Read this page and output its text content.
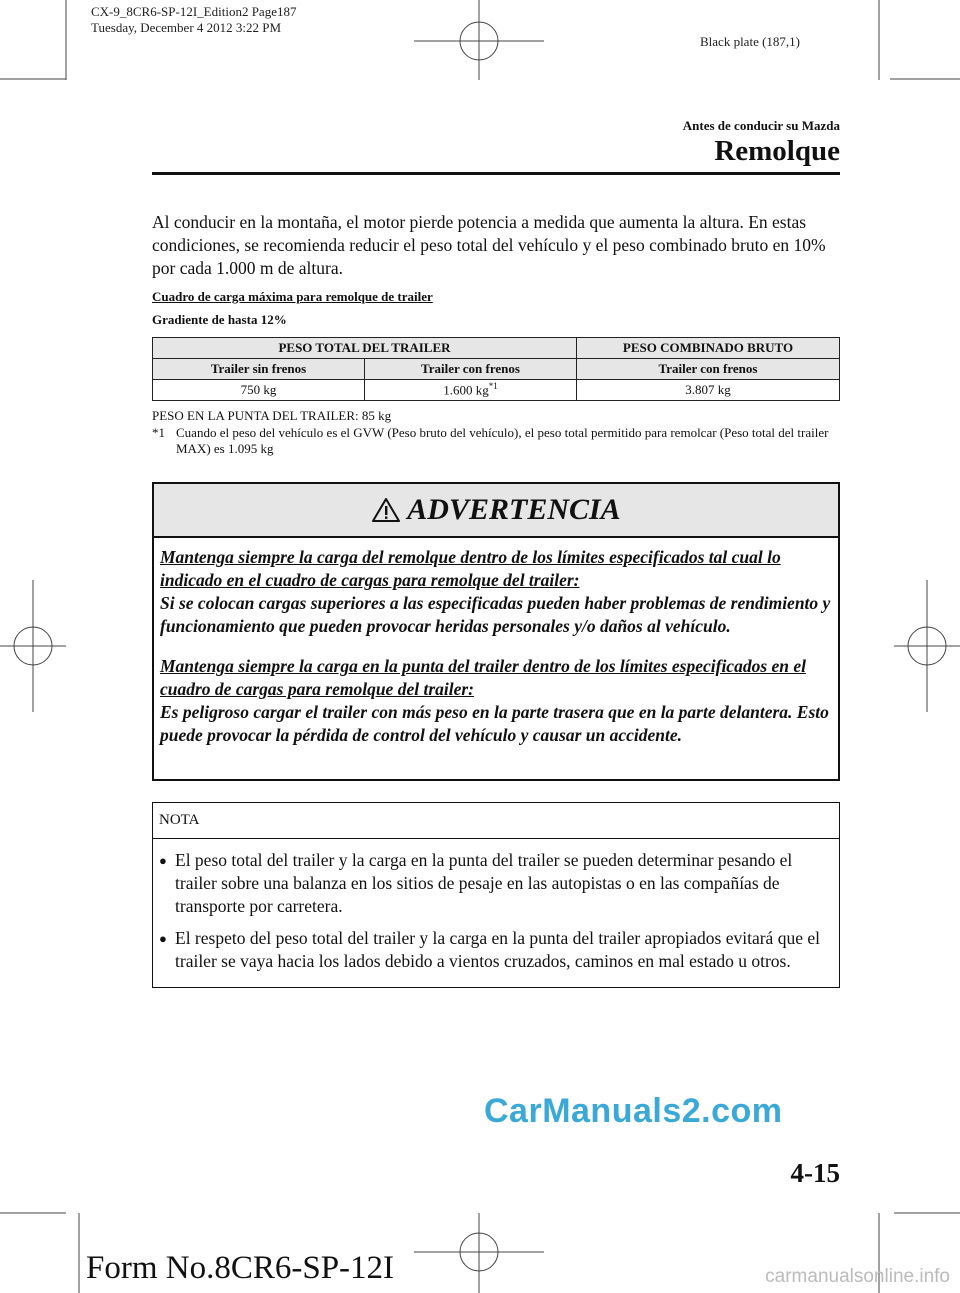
CX-9_8CR6-SP-12I_Edition2 Page187
Tuesday, December 4 2012 3:22 PM
Black plate (187,1)
Antes de conducir su Mazda
Remolque
Al conducir en la montaña, el motor pierde potencia a medida que aumenta la altura. En estas condiciones, se recomienda reducir el peso total del vehículo y el peso combinado bruto en 10% por cada 1.000 m de altura.
Cuadro de carga máxima para remolque de trailer
Gradiente de hasta 12%
PESO TOTAL DEL TRAILER		PESO COMBINADO BRUTO
Trailer sin frenos	Trailer con frenos	Trailer con frenos
750 kg	1.600 $kg^{*1}$	3.807 kg
PESO EN LA PUNTA DEL TRAILER: 85 kg
*1 Cuando el peso del vehículo es el GVW (Peso bruto del vehículo), el peso total permitido para remolcar (Peso total del trailer MAX) es 1.095 kg
ADVERTENCIA
Mantenga siempre la carga del remolque dentro de los límites especificados tal cual lo indicado en el cuadro de cargas para remolque del trailer:
Si se colocan cargas superiores a las especificadas pueden haber problemas de rendimiento y funcionamiento que pueden provocar heridas personales y/o daños al vehículo.
Mantenga siempre la carga en la punta del trailer dentro de los límites especificados en el cuadro de cargas para remolque del trailer:
Es peligroso cargar el trailer con más peso en la parte trasera que en la parte delantera. Esto puede provocar la pérdida de control del vehículo y causar un accidente.
NOTA
● El peso total del trailer y la carga en la punta del trailer se pueden determinar pesando el trailer sobre una balanza en los sitios de pesaje en las autopistas o en las compañías de transporte por carretera.
● El respeto del peso total del trailer y la carga en la punta del trailer apropiados evitará que el trailer se vaya hacia los lados debido a vientos cruzados, caminos en mal estado u otros.
CarManuals2.com
4-15
Form No.8CR6-SP-12I	carmanualsonline.info
